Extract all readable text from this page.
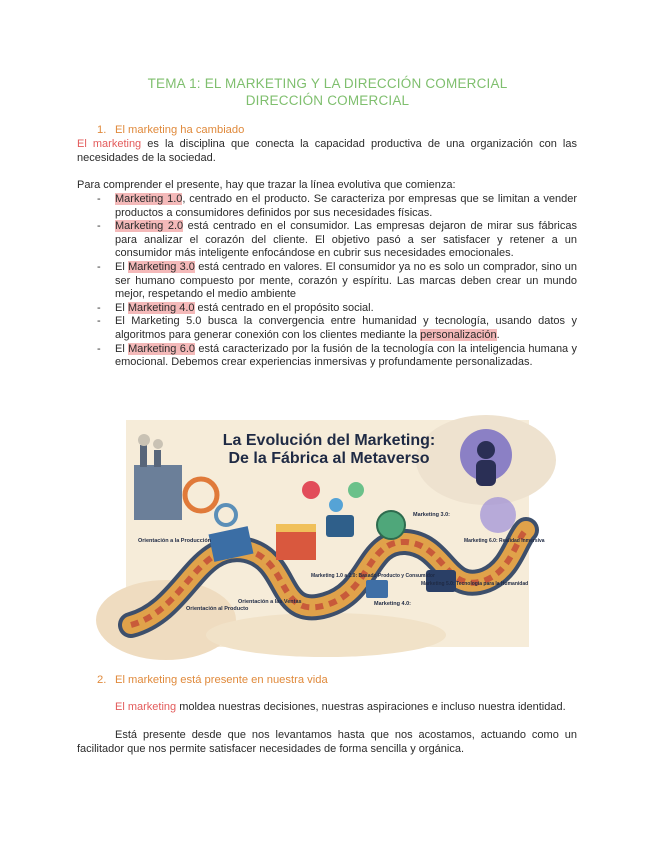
TEMA 1: EL MARKETING Y LA DIRECCIÓN COMERCIAL
DIRECCIÓN COMERCIAL
1. El marketing ha cambiado
El marketing es la disciplina que conecta la capacidad productiva de una organización con las necesidades de la sociedad.
Para comprender el presente, hay que trazar la línea evolutiva que comienza:
- Marketing 1.0, centrado en el producto. Se caracteriza por empresas que se limitan a vender productos a consumidores definidos por sus necesidades físicas.
- Marketing 2.0 está centrado en el consumidor. Las empresas dejaron de mirar sus fábricas para analizar el corazón del cliente. El objetivo pasó a ser satisfacer y retener a un consumidor más inteligente enfocándose en cubrir sus necesidades emocionales.
- El Marketing 3.0 está centrado en valores. El consumidor ya no es solo un comprador, sino un ser humano compuesto por mente, corazón y espíritu. Las marcas deben crear un mundo mejor, respetando el medio ambiente
- El Marketing 4.0 está centrado en el propósito social.
- El Marketing 5.0 busca la convergencia entre humanidad y tecnología, usando datos y algoritmos para generar conexión con los clientes mediante la personalización.
- El Marketing 6.0 está caracterizado por la fusión de la tecnología con la inteligencia humana y emocional. Debemos crear experiencias inmersivas y profundamente personalizadas.
La Evolución del Marketing:
De la Fábrica al Metaverso
Orientación a la Producción
Orientación al Producto
Orientación a las Ventas
Marketing 1.0 a 2.0: Basado Producto y Consumidor
Marketing 3.0:
Marketing 4.0:
Marketing 5.0: Tecnología para la Humanidad
Marketing 6.0: Realidad Inmersiva
2. El marketing está presente en nuestra vida
El marketing moldea nuestras decisiones, nuestras aspiraciones e incluso nuestra identidad.
Está presente desde que nos levantamos hasta que nos acostamos, actuando como un facilitador que nos permite satisfacer necesidades de forma sencilla y orgánica.
